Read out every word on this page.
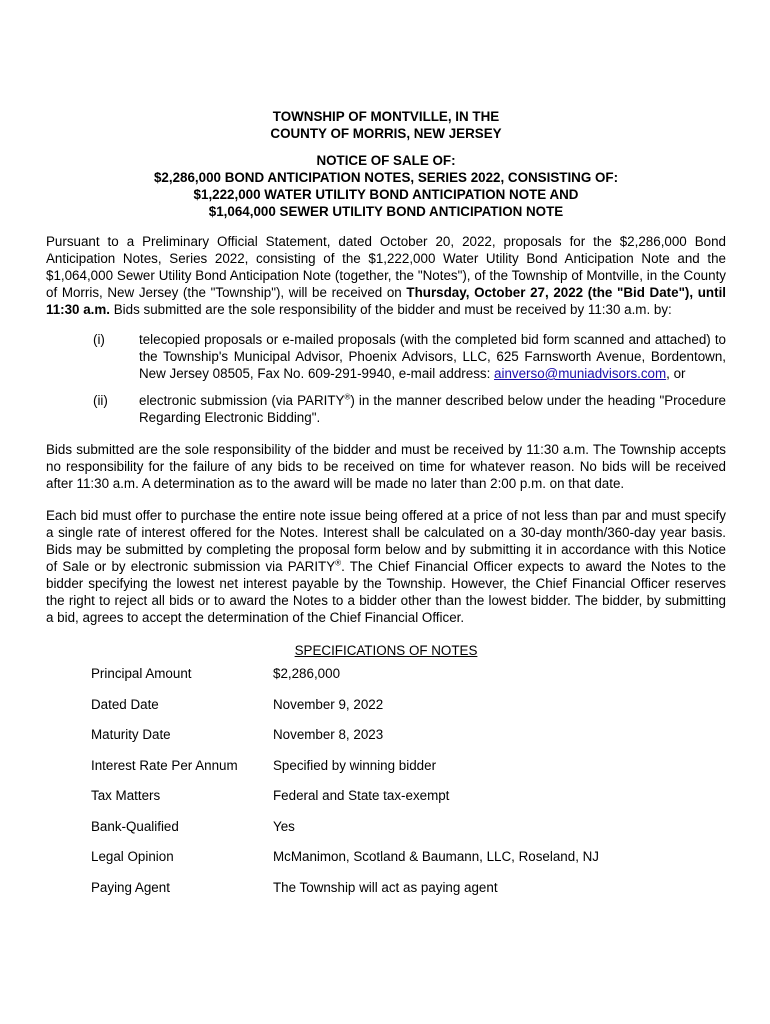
TOWNSHIP OF MONTVILLE, IN THE
COUNTY OF MORRIS, NEW JERSEY
NOTICE OF SALE OF:
$2,286,000 BOND ANTICIPATION NOTES, SERIES 2022, CONSISTING OF:
$1,222,000 WATER UTILITY BOND ANTICIPATION NOTE AND
$1,064,000 SEWER UTILITY BOND ANTICIPATION NOTE

Pursuant to a Preliminary Official Statement, dated October 20, 2022, proposals for the $2,286,000 Bond Anticipation Notes, Series 2022, consisting of the $1,222,000 Water Utility Bond Anticipation Note and the $1,064,000 Sewer Utility Bond Anticipation Note (together, the "Notes"), of the Township of Montville, in the County of Morris, New Jersey (the "Township"), will be received on Thursday, October 27, 2022 (the "Bid Date"), until 11:30 a.m. Bids submitted are the sole responsibility of the bidder and must be received by 11:30 a.m. by:

(i)	telecopied proposals or e-mailed proposals (with the completed bid form scanned and attached) to the Township's Municipal Advisor, Phoenix Advisors, LLC, 625 Farnsworth Avenue, Bordentown, New Jersey 08505, Fax No. 609-291-9940, e-mail address: ainverso@muniadvisors.com, or
(ii)	electronic submission (via PARITY®) in the manner described below under the heading "Procedure Regarding Electronic Bidding".

Bids submitted are the sole responsibility of the bidder and must be received by 11:30 a.m. The Township accepts no responsibility for the failure of any bids to be received on time for whatever reason. No bids will be received after 11:30 a.m. A determination as to the award will be made no later than 2:00 p.m. on that date.

Each bid must offer to purchase the entire note issue being offered at a price of not less than par and must specify a single rate of interest offered for the Notes. Interest shall be calculated on a 30-day month/360-day year basis. Bids may be submitted by completing the proposal form below and by submitting it in accordance with this Notice of Sale or by electronic submission via PARITY®. The Chief Financial Officer expects to award the Notes to the bidder specifying the lowest net interest payable by the Township. However, the Chief Financial Officer reserves the right to reject all bids or to award the Notes to a bidder other than the lowest bidder. The bidder, by submitting a bid, agrees to accept the determination of the Chief Financial Officer.

SPECIFICATIONS OF NOTES
Principal Amount	$2,286,000
Dated Date	November 9, 2022
Maturity Date	November 8, 2023
Interest Rate Per Annum	Specified by winning bidder
Tax Matters	Federal and State tax-exempt
Bank-Qualified	Yes
Legal Opinion	McManimon, Scotland & Baumann, LLC, Roseland, NJ
Paying Agent	The Township will act as paying agent
